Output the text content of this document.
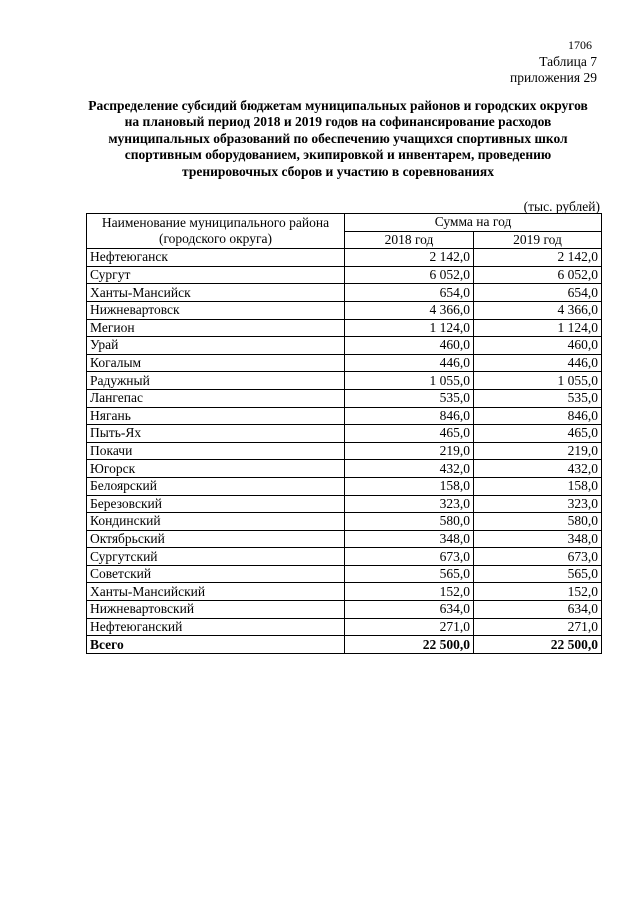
1706
Таблица 7
приложения 29
Распределение субсидий бюджетам муниципальных районов и городских округов на плановый период 2018 и 2019 годов на софинансирование расходов муниципальных образований по обеспечению учащихся спортивных школ спортивным оборудованием, экипировкой и инвентарем, проведению тренировочных сборов и участию в соревнованиях
(тыс. рублей)
Наименование муниципального района
(городского округа)	Сумма на год	
	2018 год	2019 год
Нефтеюганск	2 142,0	2 142,0
Сургут	6 052,0	6 052,0
Ханты-Мансийск	654,0	654,0
Нижневартовск	4 366,0	4 366,0
Мегион	1 124,0	1 124,0
Урай	460,0	460,0
Когалым	446,0	446,0
Радужный	1 055,0	1 055,0
Лангепас	535,0	535,0
Нягань	846,0	846,0
Пыть-Ях	465,0	465,0
Покачи	219,0	219,0
Югорск	432,0	432,0
Белоярский	158,0	158,0
Березовский	323,0	323,0
Кондинский	580,0	580,0
Октябрьский	348,0	348,0
Сургутский	673,0	673,0
Советский	565,0	565,0
Ханты-Мансийский	152,0	152,0
Нижневартовский	634,0	634,0
Нефтеюганский	271,0	271,0
Всего	22 500,0	22 500,0
